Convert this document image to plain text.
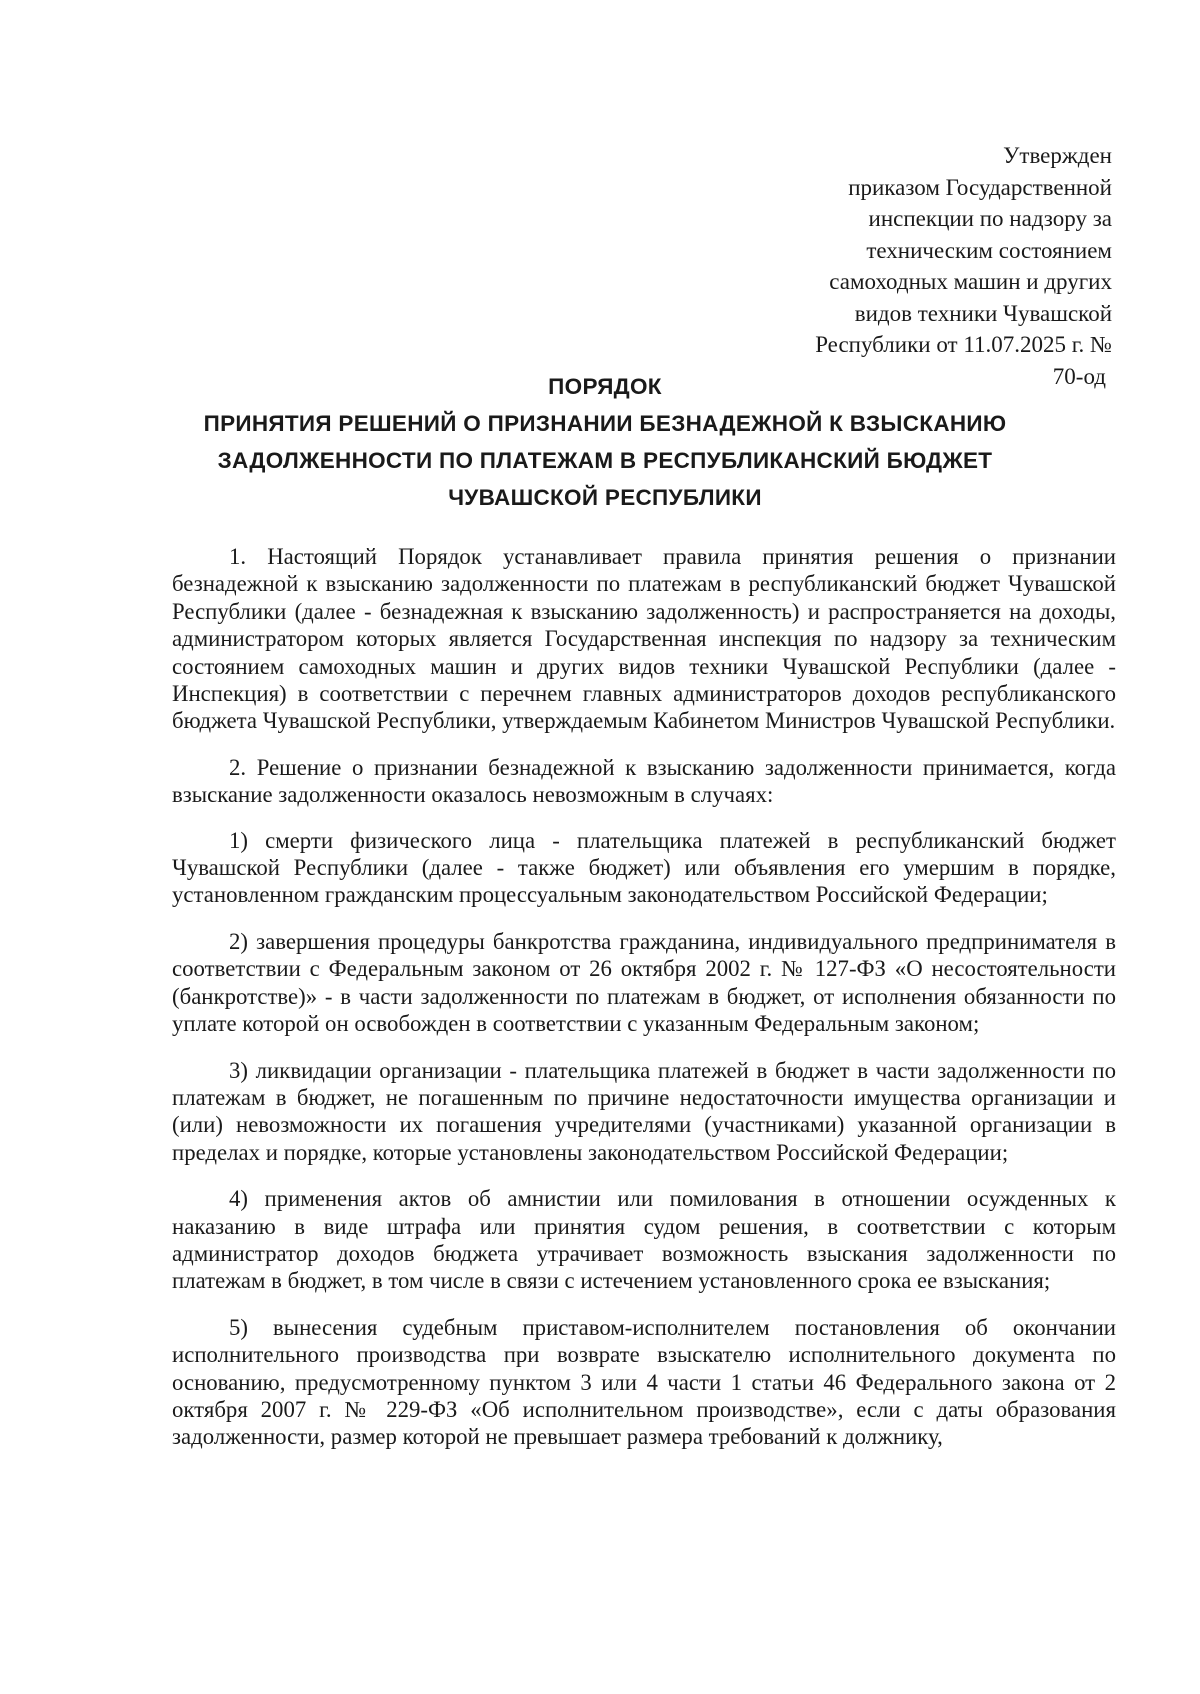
Утвержден
приказом Государственной
инспекции по надзору за
техническим состоянием
самоходных машин и других
видов техники Чувашской
Республики от 11.07.2025 г. №
70-од
ПОРЯДОК
ПРИНЯТИЯ РЕШЕНИЙ О ПРИЗНАНИИ БЕЗНАДЕЖНОЙ К ВЗЫСКАНИЮ
ЗАДОЛЖЕННОСТИ ПО ПЛАТЕЖАМ В РЕСПУБЛИКАНСКИЙ БЮДЖЕТ
ЧУВАШСКОЙ РЕСПУБЛИКИ

1. Настоящий Порядок устанавливает правила принятия решения о признании безнадежной к взысканию задолженности по платежам в республиканский бюджет Чувашской Республики (далее - безнадежная к взысканию задолженность) и распространяется на доходы, администратором которых является Государственная инспекция по надзору за техническим состоянием самоходных машин и других видов техники Чувашской Республики (далее - Инспекция) в соответствии с перечнем главных администраторов доходов республиканского бюджета Чувашской Республики, утверждаемым Кабинетом Министров Чувашской Республики.

2. Решение о признании безнадежной к взысканию задолженности принимается, когда взыскание задолженности оказалось невозможным в случаях:

1) смерти физического лица - плательщика платежей в республиканский бюджет Чувашской Республики (далее - также бюджет) или объявления его умершим в порядке, установленном гражданским процессуальным законодательством Российской Федерации;

2) завершения процедуры банкротства гражданина, индивидуального предпринимателя в соответствии с Федеральным законом от 26 октября 2002 г. № 127-ФЗ «О несостоятельности (банкротстве)» - в части задолженности по платежам в бюджет, от исполнения обязанности по уплате которой он освобожден в соответствии с указанным Федеральным законом;

3) ликвидации организации - плательщика платежей в бюджет в части задолженности по платежам в бюджет, не погашенным по причине недостаточности имущества организации и (или) невозможности их погашения учредителями (участниками) указанной организации в пределах и порядке, которые установлены законодательством Российской Федерации;

4) применения актов об амнистии или помилования в отношении осужденных к наказанию в виде штрафа или принятия судом решения, в соответствии с которым администратор доходов бюджета утрачивает возможность взыскания задолженности по платежам в бюджет, в том числе в связи с истечением установленного срока ее взыскания;

5) вынесения судебным приставом-исполнителем постановления об окончании исполнительного производства при возврате взыскателю исполнительного документа по основанию, предусмотренному пунктом 3 или 4 части 1 статьи 46 Федерального закона от 2 октября 2007 г. № 229-ФЗ «Об исполнительном производстве», если с даты образования задолженности, размер которой не превышает размера требований к должнику,
